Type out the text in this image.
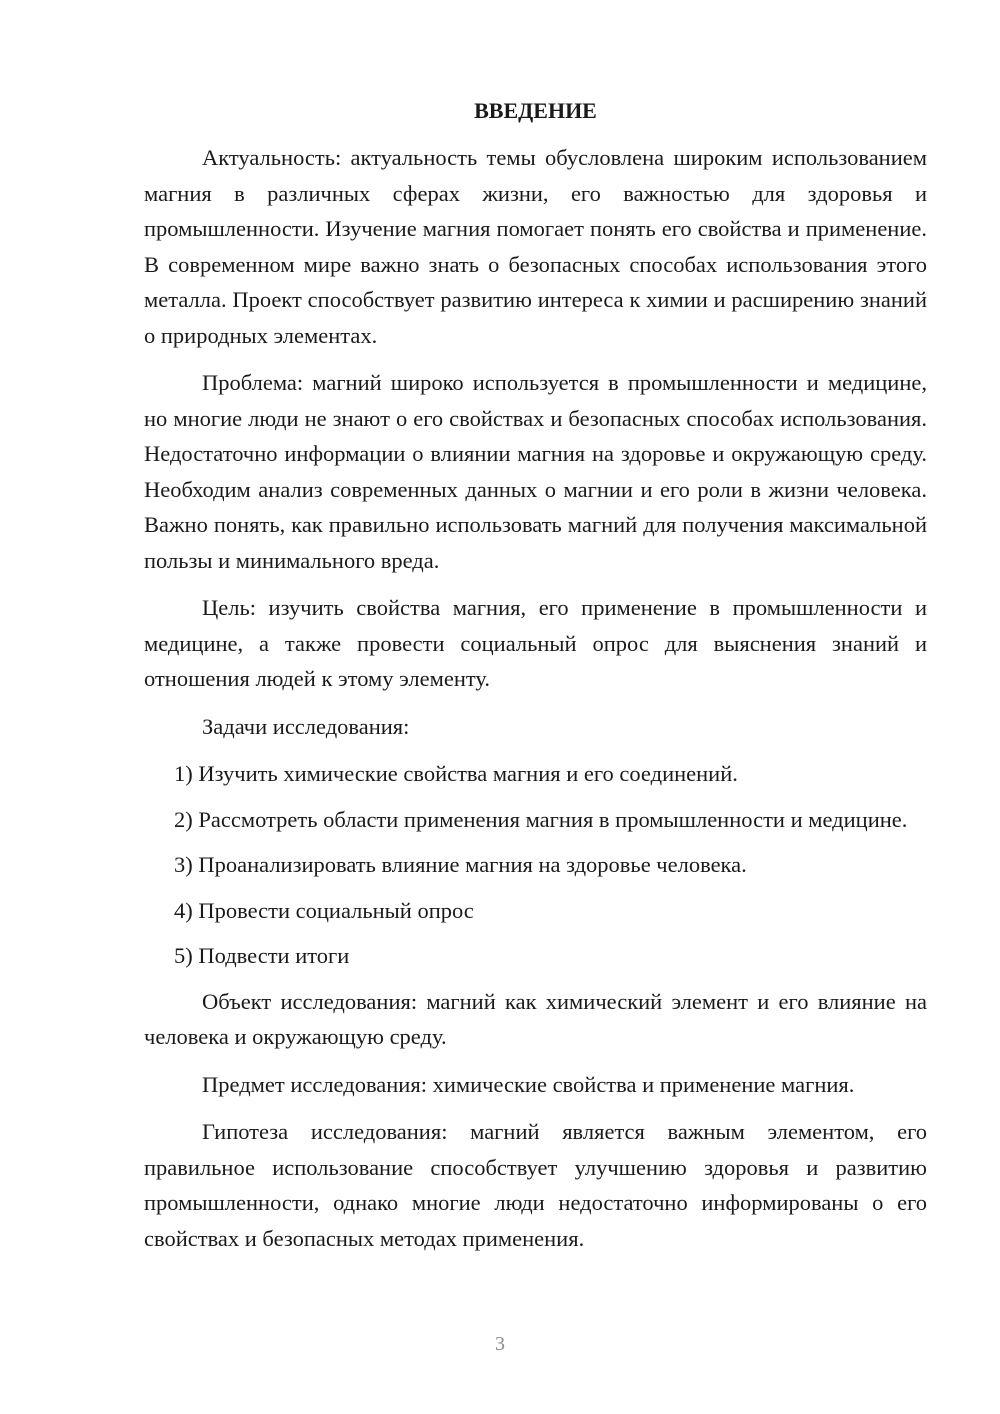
ВВЕДЕНИЕ

Актуальность: актуальность темы обусловлена широким использованием магния в различных сферах жизни, его важностью для здоровья и промышленности. Изучение магния помогает понять его свойства и применение. В современном мире важно знать о безопасных способах использования этого металла. Проект способствует развитию интереса к химии и расширению знаний о природных элементах.

Проблема: магний широко используется в промышленности и медицине, но многие люди не знают о его свойствах и безопасных способах использования. Недостаточно информации о влиянии магния на здоровье и окружающую среду. Необходим анализ современных данных о магнии и его роли в жизни человека. Важно понять, как правильно использовать магний для получения максимальной пользы и минимального вреда.

Цель: изучить свойства магния, его применение в промышленности и медицине, а также провести социальный опрос для выяснения знаний и отношения людей к этому элементу.

Задачи исследования:

1) Изучить химические свойства магния и его соединений.

2) Рассмотреть области применения магния в промышленности и медицине.

3) Проанализировать влияние магния на здоровье человека.

4) Провести социальный опрос

5) Подвести итоги

Объект исследования: магний как химический элемент и его влияние на человека и окружающую среду.

Предмет исследования: химические свойства и применение магния.

Гипотеза исследования: магний является важным элементом, его правильное использование способствует улучшению здоровья и развитию промышленности, однако многие люди недостаточно информированы о его свойствах и безопасных методах применения.

3
